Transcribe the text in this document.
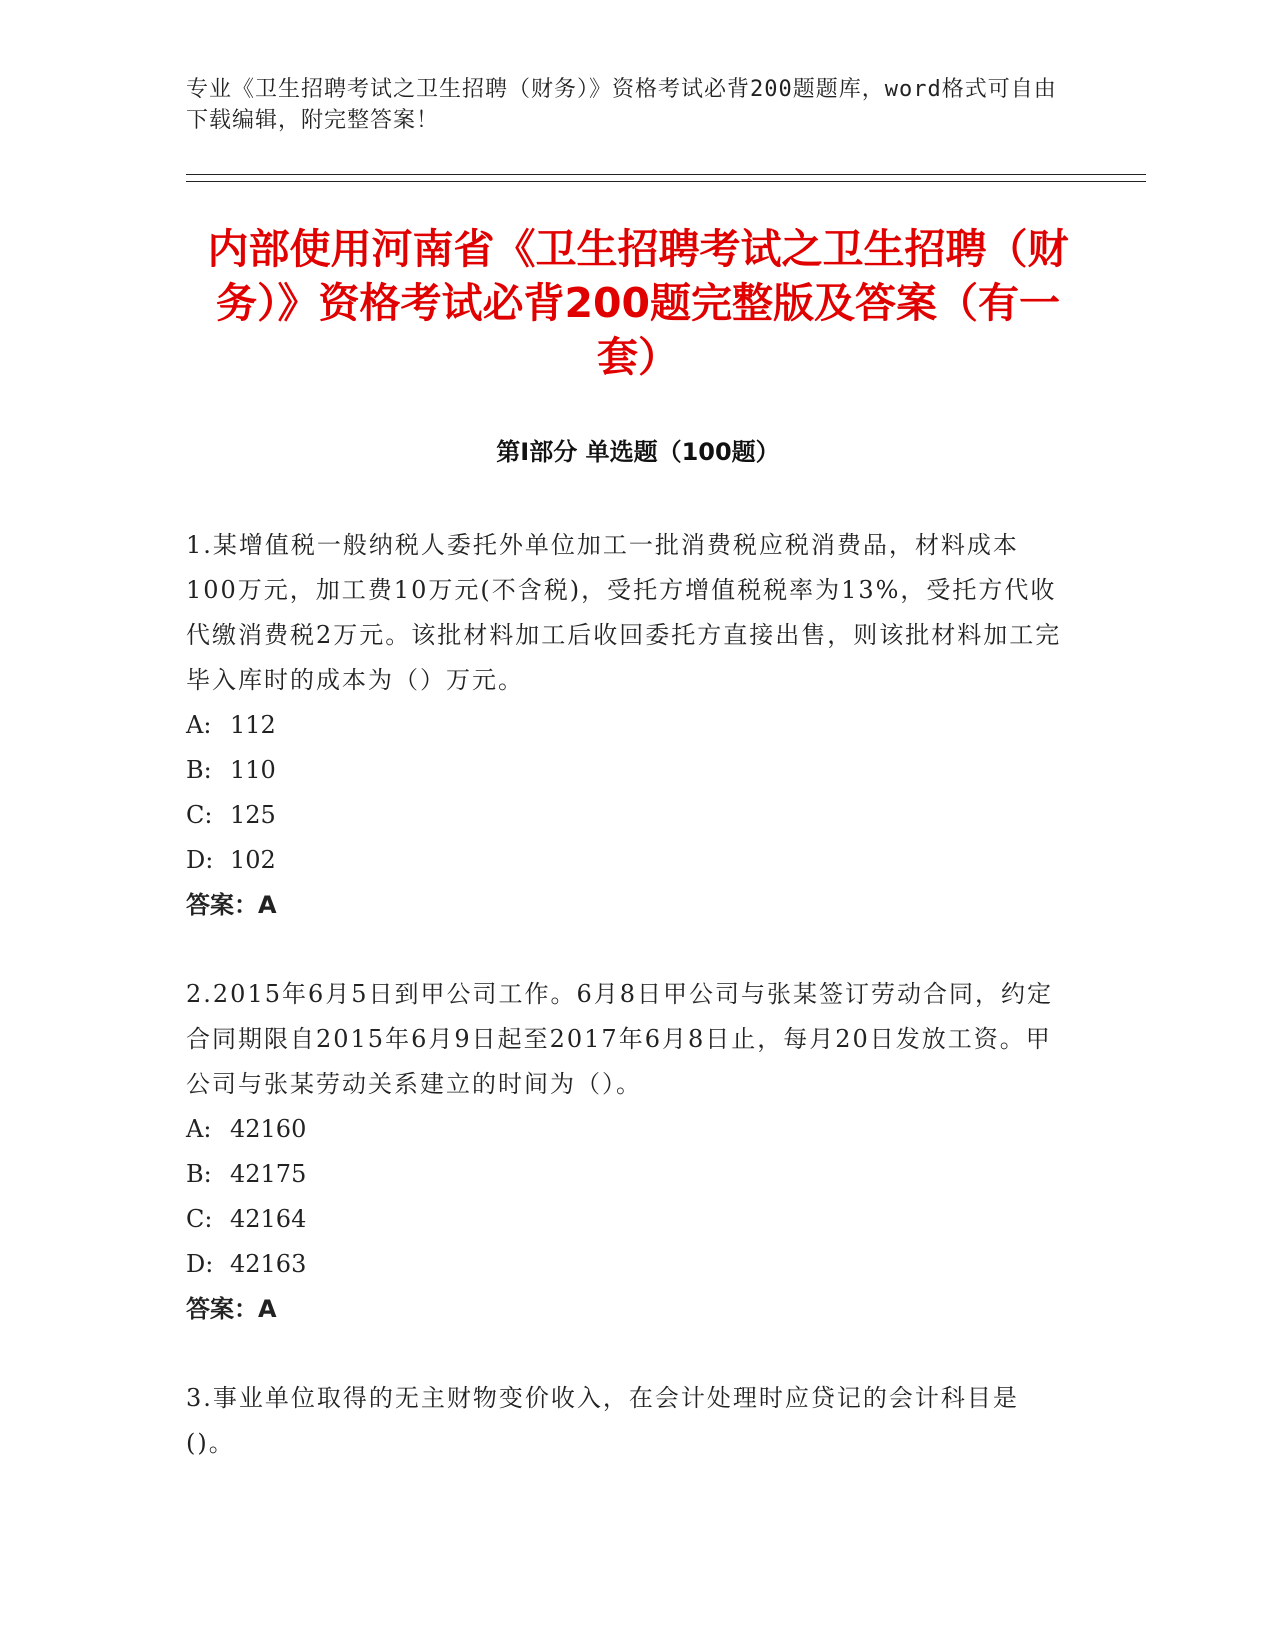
专业《卫生招聘考试之卫生招聘（财务）》资格考试必背200题题库，word格式可自由下载编辑，附完整答案！
内部使用河南省《卫生招聘考试之卫生招聘（财务）》资格考试必背200题完整版及答案（有一套）
第I部分 单选题（100题）
1.某增值税一般纳税人委托外单位加工一批消费税应税消费品，材料成本100万元，加工费10万元(不含税)，受托方增值税税率为13%，受托方代收代缴消费税2万元。该批材料加工后收回委托方直接出售，则该批材料加工完毕入库时的成本为（）万元。
A: 112
B: 110
C: 125
D: 102
答案：A
2.2015年6月5日到甲公司工作。6月8日甲公司与张某签订劳动合同，约定合同期限自2015年6月9日起至2017年6月8日止，每月20日发放工资。甲公司与张某劳动关系建立的时间为（）。
A: 42160
B: 42175
C: 42164
D: 42163
答案：A
3.事业单位取得的无主财物变价收入，在会计处理时应贷记的会计科目是()。
